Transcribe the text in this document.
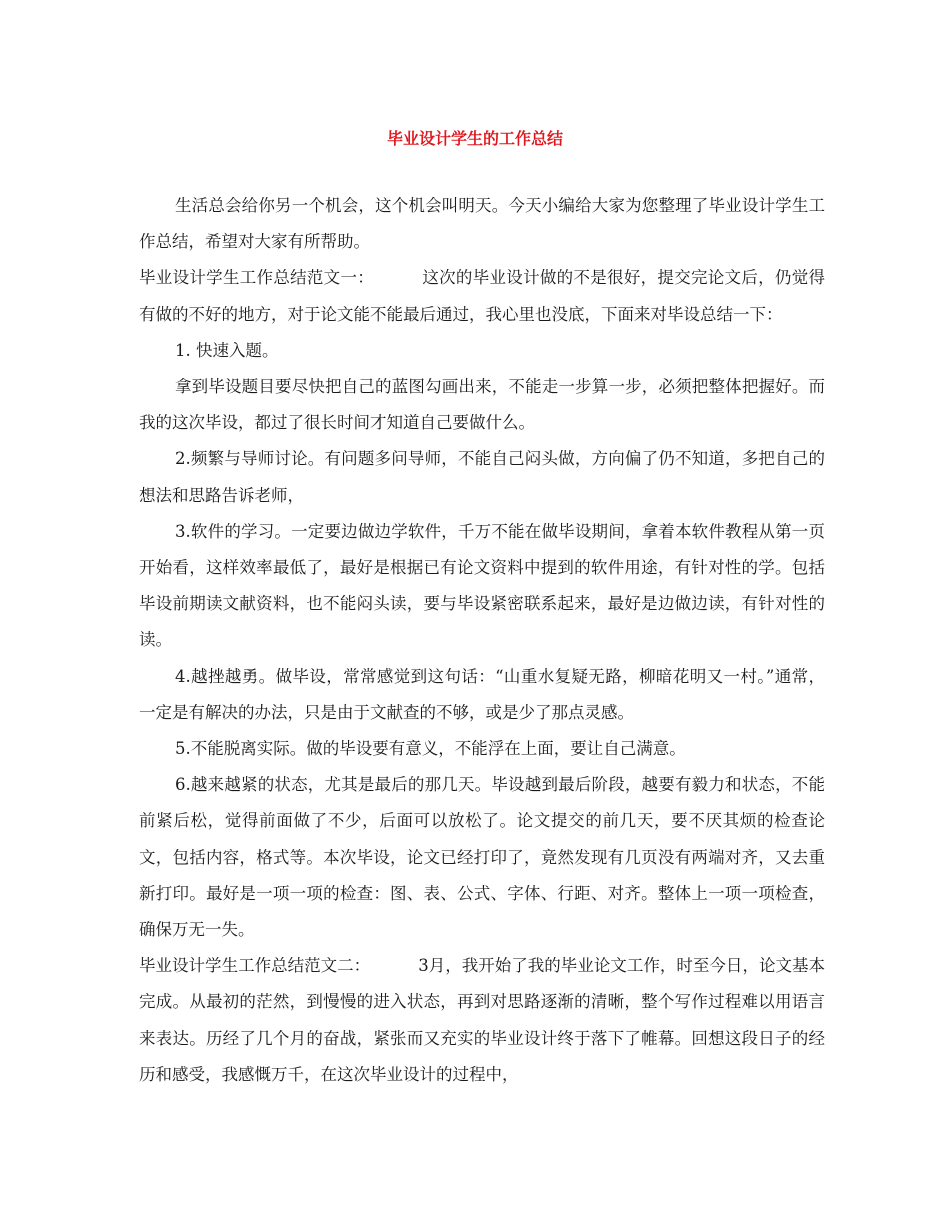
毕业设计学生的工作总结

生活总会给你另一个机会，这个机会叫明天。今天小编给大家为您整理了毕业设计学生工作总结，希望对大家有所帮助。

毕业设计学生工作总结范文一：	这次的毕业设计做的不是很好，提交完论文后，仍觉得有做的不好的地方，对于论文能不能最后通过，我心里也没底，下面来对毕设总结一下：

1. 快速入题。

拿到毕设题目要尽快把自己的蓝图勾画出来，不能走一步算一步，必须把整体把握好。而我的这次毕设，都过了很长时间才知道自己要做什么。

2.频繁与导师讨论。有问题多问导师，不能自己闷头做，方向偏了仍不知道，多把自己的想法和思路告诉老师，

3.软件的学习。一定要边做边学软件，千万不能在做毕设期间，拿着本软件教程从第一页开始看，这样效率最低了，最好是根据已有论文资料中提到的软件用途，有针对性的学。包括毕设前期读文献资料，也不能闷头读，要与毕设紧密联系起来，最好是边做边读，有针对性的读。

4.越挫越勇。做毕设，常常感觉到这句话：“山重水复疑无路，柳暗花明又一村。”通常，一定是有解决的办法，只是由于文献查的不够，或是少了那点灵感。

5.不能脱离实际。做的毕设要有意义，不能浮在上面，要让自己满意。

6.越来越紧的状态，尤其是最后的那几天。毕设越到最后阶段，越要有毅力和状态，不能前紧后松，觉得前面做了不少，后面可以放松了。论文提交的前几天，要不厌其烦的检查论文，包括内容，格式等。本次毕设，论文已经打印了，竟然发现有几页没有两端对齐，又去重新打印。最好是一项一项的检查：图、表、公式、字体、行距、对齐。整体上一项一项检查，确保万无一失。

毕业设计学生工作总结范文二：	3月，我开始了我的毕业论文工作，时至今日，论文基本完成。从最初的茫然，到慢慢的进入状态，再到对思路逐渐的清晰，整个写作过程难以用语言来表达。历经了几个月的奋战，紧张而又充实的毕业设计终于落下了帷幕。回想这段日子的经历和感受，我感慨万千，在这次毕业设计的过程中，
